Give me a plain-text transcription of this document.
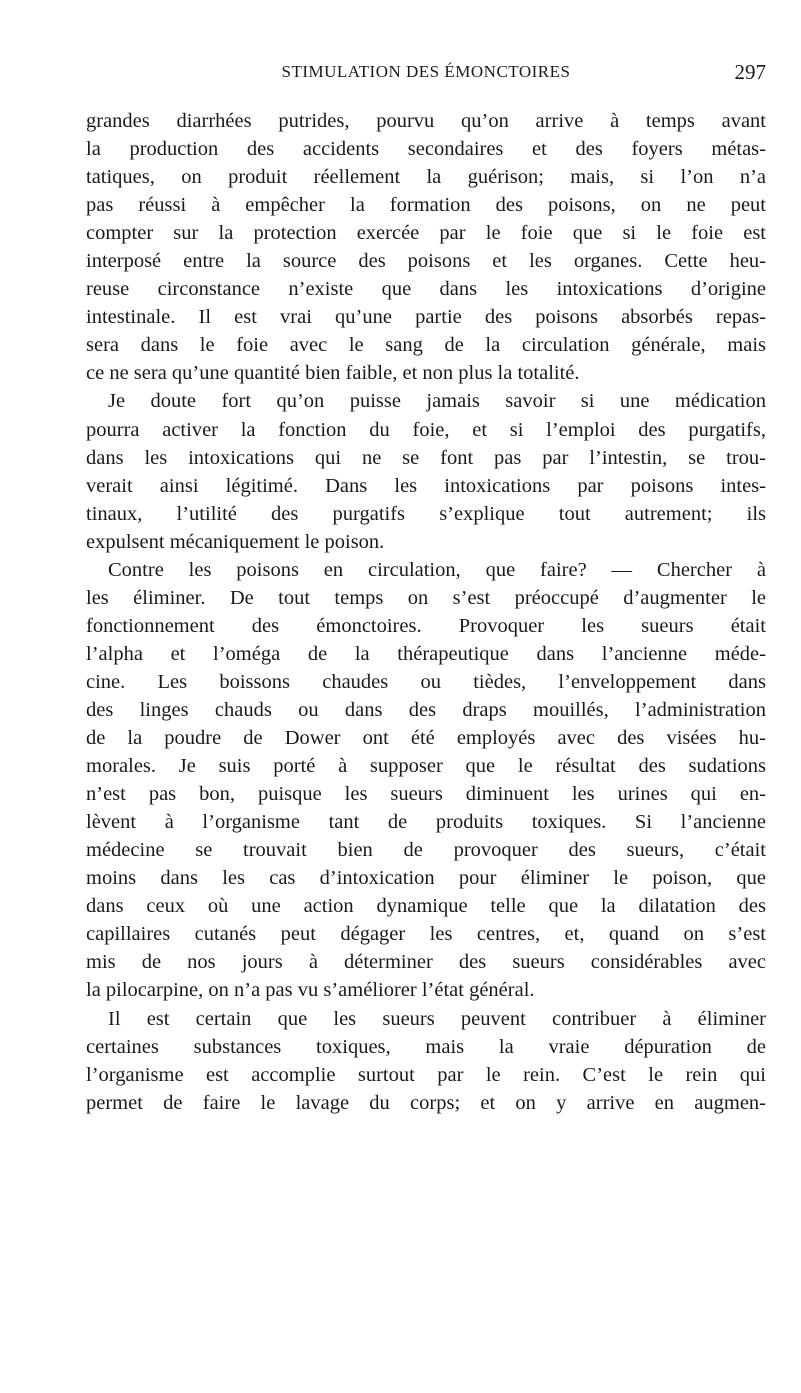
STIMULATION DES ÉMONCTOIRES	297
grandes diarrhées putrides, pourvu qu’on arrive à temps avant
la production des accidents secondaires et des foyers métas-
tatiques, on produit réellement la guérison; mais, si l’on n’a
pas réussi à empêcher la formation des poisons, on ne peut
compter sur la protection exercée par le foie que si le foie est
interposé entre la source des poisons et les organes. Cette heu-
reuse circonstance n’existe que dans les intoxications d’origine
intestinale. Il est vrai qu’une partie des poisons absorbés repas-
sera dans le foie avec le sang de la circulation générale, mais
ce ne sera qu’une quantité bien faible, et non plus la totalité.
Je doute fort qu’on puisse jamais savoir si une médication
pourra activer la fonction du foie, et si l’emploi des purgatifs,
dans les intoxications qui ne se font pas par l’intestin, se trou-
verait ainsi légitimé. Dans les intoxications par poisons intes-
tinaux, l’utilité des purgatifs s’explique tout autrement; ils
expulsent mécaniquement le poison.
Contre les poisons en circulation, que faire? — Chercher à
les éliminer. De tout temps on s’est préoccupé d’augmenter le
fonctionnement des émonctoires. Provoquer les sueurs était
l’alpha et l’oméga de la thérapeutique dans l’ancienne méde-
cine. Les boissons chaudes ou tièdes, l’enveloppement dans
des linges chauds ou dans des draps mouillés, l’administration
de la poudre de Dower ont été employés avec des visées hu-
morales. Je suis porté à supposer que le résultat des sudations
n’est pas bon, puisque les sueurs diminuent les urines qui en-
lèvent à l’organisme tant de produits toxiques. Si l’ancienne
médecine se trouvait bien de provoquer des sueurs, c’était
moins dans les cas d’intoxication pour éliminer le poison, que
dans ceux où une action dynamique telle que la dilatation des
capillaires cutanés peut dégager les centres, et, quand on s’est
mis de nos jours à déterminer des sueurs considérables avec
la pilocarpine, on n’a pas vu s’améliorer l’état général.
Il est certain que les sueurs peuvent contribuer à éliminer
certaines substances toxiques, mais la vraie dépuration de
l’organisme est accomplie surtout par le rein. C’est le rein qui
permet de faire le lavage du corps; et on y arrive en augmen-
